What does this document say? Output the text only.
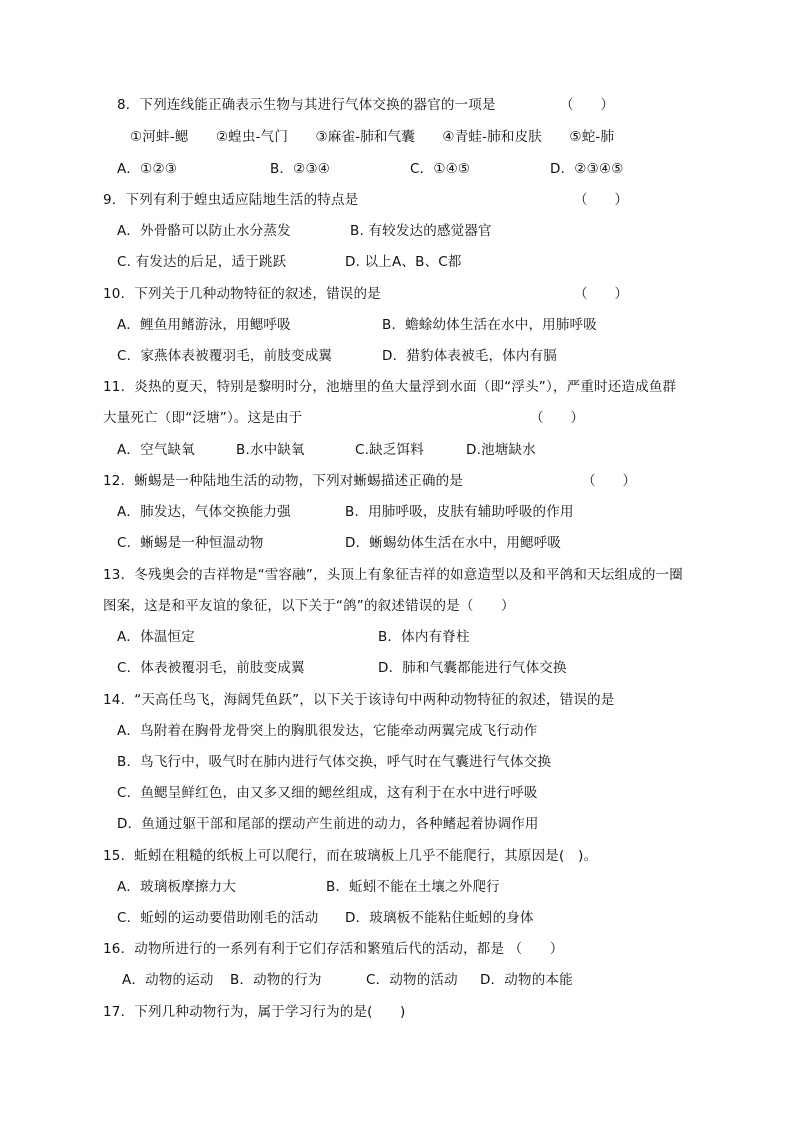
8．下列连线能正确表示生物与其进行气体交换的器官的一项是	（　　）
①河蚌-鳃　　②蝗虫-气门　　③麻雀-肺和气囊　　④青蛙-肺和皮肤　　⑤蛇-肺
A．①②③	B．②③④	C．①④⑤	D．②③④⑤
9．下列有利于蝗虫适应陆地生活的特点是	（　　）
A．外骨骼可以防止水分蒸发	B. 有较发达的感觉器官
C. 有发达的后足，适于跳跃	D. 以上A、B、C都
10．下列关于几种动物特征的叙述，错误的是	（　　）
A．鲤鱼用鳍游泳，用鳃呼吸	B．蟾蜍幼体生活在水中，用肺呼吸
C．家燕体表被覆羽毛，前肢变成翼	D．猎豹体表被毛，体内有膈
11．炎热的夏天，特别是黎明时分，池塘里的鱼大量浮到水面（即“浮头”），严重时还造成鱼群
大量死亡（即“泛塘”）。这是由于	（　　）
A．空气缺氧	B.水中缺氧	C.缺乏饵料	D.池塘缺水
12．蜥蜴是一种陆地生活的动物，下列对蜥蜴描述正确的是	（　　）
A．肺发达，气体交换能力强	B．用肺呼吸，皮肤有辅助呼吸的作用
C．蜥蜴是一种恒温动物	D．蜥蜴幼体生活在水中，用鳃呼吸
13．冬残奥会的吉祥物是“雪容融”，头顶上有象征吉祥的如意造型以及和平鸽和天坛组成的一圈
图案，这是和平友谊的象征，以下关于“鸽”的叙述错误的是（　　）
A．体温恒定	B．体内有脊柱
C．体表被覆羽毛，前肢变成翼	D．肺和气囊都能进行气体交换
14．“天高任鸟飞，海阔凭鱼跃”，以下关于该诗句中两种动物特征的叙述，错误的是
A．鸟附着在胸骨龙骨突上的胸肌很发达，它能牵动两翼完成飞行动作
B．鸟飞行中，吸气时在肺内进行气体交换，呼气时在气囊进行气体交换
C．鱼鳃呈鲜红色，由又多又细的鳃丝组成，这有利于在水中进行呼吸
D．鱼通过躯干部和尾部的摆动产生前进的动力，各种鳍起着协调作用
15．蚯蚓在粗糙的纸板上可以爬行，而在玻璃板上几乎不能爬行，其原因是(　)。
A．玻璃板摩擦力大	B．蚯蚓不能在土壤之外爬行
C．蚯蚓的运动要借助刚毛的活动 D．玻璃板不能粘住蚯蚓的身体
16．动物所进行的一系列有利于它们存活和繁殖后代的活动，都是 （　　）
A．动物的运动 B．动物的行为	C．动物的活动 D．动物的本能
17．下列几种动物行为，属于学习行为的是(　　)
